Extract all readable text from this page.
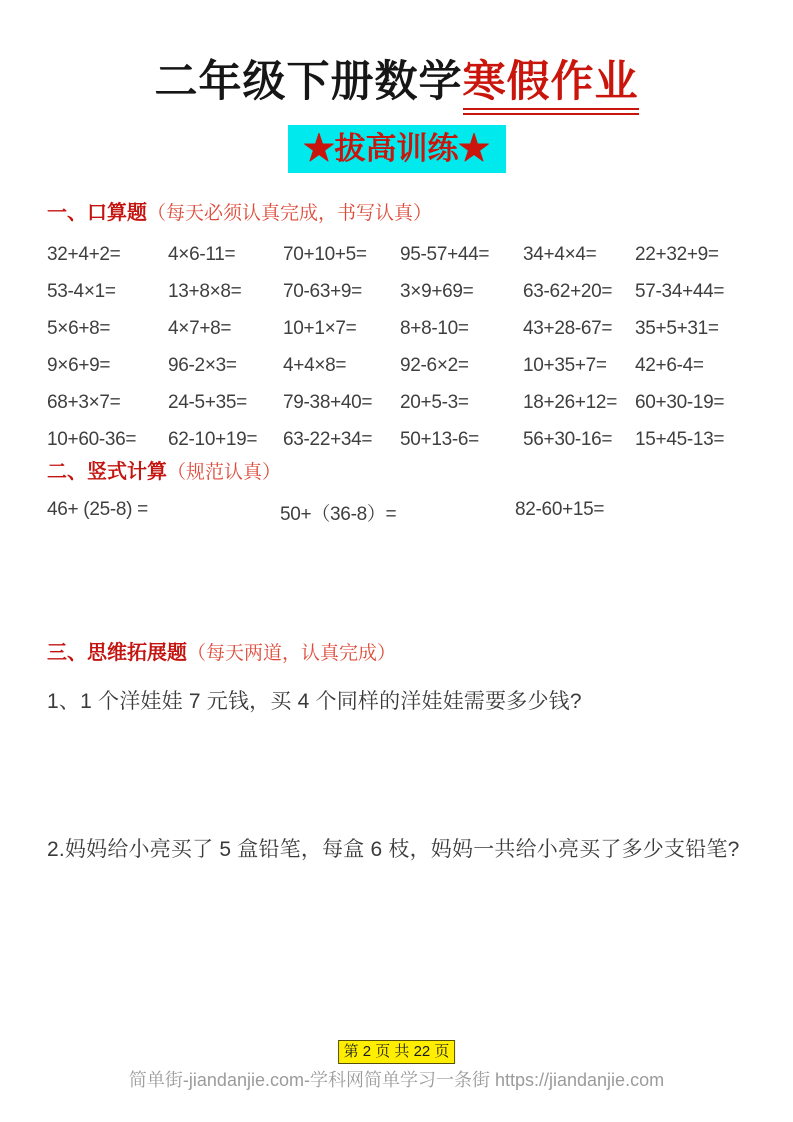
二年级下册数学寒假作业
★拔高训练★
一、口算题（每天必须认真完成，书写认真）
32+4+2=	4×6-11=	70+10+5=	95-57+44=	34+4×4=	22+32+9=
53-4×1=	13+8×8=	70-63+9=	3×9+69=	63-62+20=	57-34+44=
5×6+8=	4×7+8=	10+1×7=	8+8-10=	43+28-67=	35+5+31=
9×6+9=	96-2×3=	4+4×8=	92-6×2=	10+35+7=	42+6-4=
68+3×7=	24-5+35=	79-38+40=	20+5-3=	18+26+12= 60+30-19=
10+60-36=	62-10+19=	63-22+34=	50+13-6=	56+30-16=	15+45-13=
二、竖式计算（规范认真）
46+ (25-8) =	50+（36-8）=	82-60+15=
三、思维拓展题（每天两道，认真完成）
1、1 个洋娃娃 7 元钱，买 4 个同样的洋娃娃需要多少钱?
2.妈妈给小亮买了 5 盒铅笔，每盒 6 枝，妈妈一共给小亮买了多少支铅笔?
第 2 页 共 22 页
简单街-jiandanjie.com-学科网简单学习一条街 https://jiandanjie.com
